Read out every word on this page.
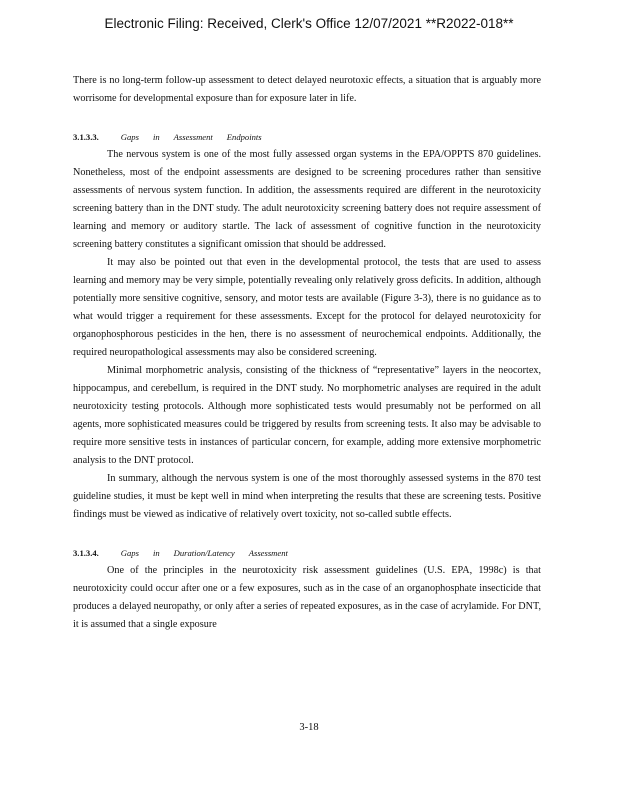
Electronic Filing: Received, Clerk's Office 12/07/2021 **R2022-018**

There is no long-term follow-up assessment to detect delayed neurotoxic effects, a situation that is arguably more worrisome for developmental exposure than for exposure later in life.

3.1.3.3.	Gaps in Assessment Endpoints

The nervous system is one of the most fully assessed organ systems in the EPA/OPPTS 870 guidelines. Nonetheless, most of the endpoint assessments are designed to be screening procedures rather than sensitive assessments of nervous system function. In addition, the assessments required are different in the neurotoxicity screening battery than in the DNT study. The adult neurotoxicity screening battery does not require assessment of learning and memory or auditory startle. The lack of assessment of cognitive function in the neurotoxicity screening battery constitutes a significant omission that should be addressed.

It may also be pointed out that even in the developmental protocol, the tests that are used to assess learning and memory may be very simple, potentially revealing only relatively gross deficits. In addition, although potentially more sensitive cognitive, sensory, and motor tests are available (Figure 3-3), there is no guidance as to what would trigger a requirement for these assessments. Except for the protocol for delayed neurotoxicity for organophosphorous pesticides in the hen, there is no assessment of neurochemical endpoints. Additionally, the required neuropathological assessments may also be considered screening.

Minimal morphometric analysis, consisting of the thickness of “representative” layers in the neocortex, hippocampus, and cerebellum, is required in the DNT study. No morphometric analyses are required in the adult neurotoxicity testing protocols. Although more sophisticated tests would presumably not be performed on all agents, more sophisticated measures could be triggered by results from screening tests. It also may be advisable to require more sensitive tests in instances of particular concern, for example, adding more extensive morphometric analysis to the DNT protocol.

In summary, although the nervous system is one of the most thoroughly assessed systems in the 870 test guideline studies, it must be kept well in mind when interpreting the results that these are screening tests. Positive findings must be viewed as indicative of relatively overt toxicity, not so-called subtle effects.

3.1.3.4.	Gaps in Duration/Latency Assessment

One of the principles in the neurotoxicity risk assessment guidelines (U.S. EPA, 1998c) is that neurotoxicity could occur after one or a few exposures, such as in the case of an organophosphate insecticide that produces a delayed neuropathy, or only after a series of repeated exposures, as in the case of acrylamide. For DNT, it is assumed that a single exposure

3-18
